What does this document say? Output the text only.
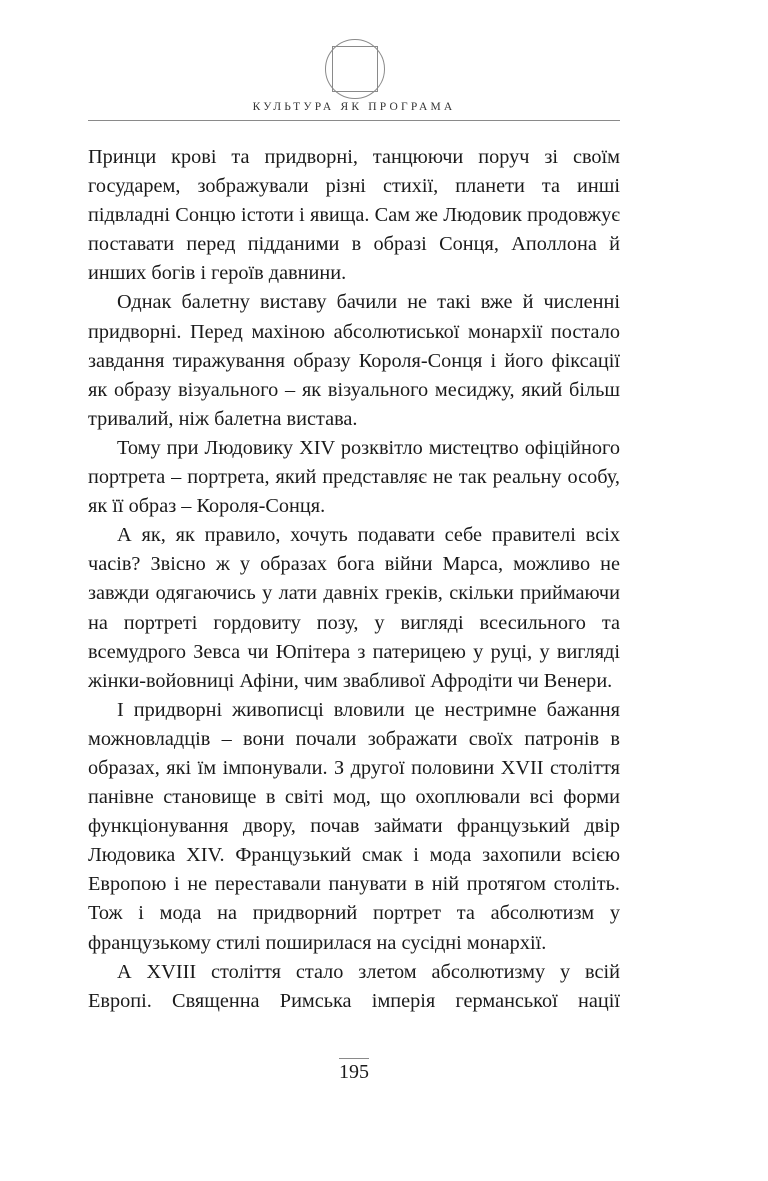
КУЛЬТУРА ЯК ПРОГРАМА

Принци крові та придворні, танцюючи поруч зі своїм государем, зображували різні стихії, планети та инші підвладні Сонцю істоти і явища. Сам же Людовик продовжує поставати перед підданими в образі Сонця, Аполлона й инших богів і героїв давнини.

Однак балетну виставу бачили не такі вже й численні придворні. Перед махіною абсолютиської монархії постало завдання тиражування образу Короля-Сонця і його фіксації як образу візуального – як візуального месиджу, який більш тривалий, ніж балетна вистава.

Тому при Людовику XIV розквітло мистецтво офіційного портрета – портрета, який представляє не так реальну особу, як її образ – Короля-Сонця.

А як, як правило, хочуть подавати себе правителі всіх часів? Звісно ж у образах бога війни Марса, можливо не завжди одягаючись у лати давніх греків, скільки приймаючи на портреті гордовиту позу, у вигляді всесильного та всемудрого Зевса чи Юпітера з патерицею у руці, у вигляді жінки-войовниці Афіни, чим звабливої Афродіти чи Венери.

І придворні живописці вловили це нестримне бажання можновладців – вони почали зображати своїх патронів в образах, які їм імпонували. З другої половини XVII століття панівне становище в світі мод, що охоплювали всі форми функціонування двору, почав займати французький двір Людовика XIV. Французький смак і мода захопили всією Европою і не переставали панувати в ній протягом століть. Тож і мода на придворний портрет та абсолютизм у французькому стилі поширилася на сусідні монархії.

А XVIII століття стало злетом абсолютизму у всій Европі. Священна Римська імперія германської нації

195
